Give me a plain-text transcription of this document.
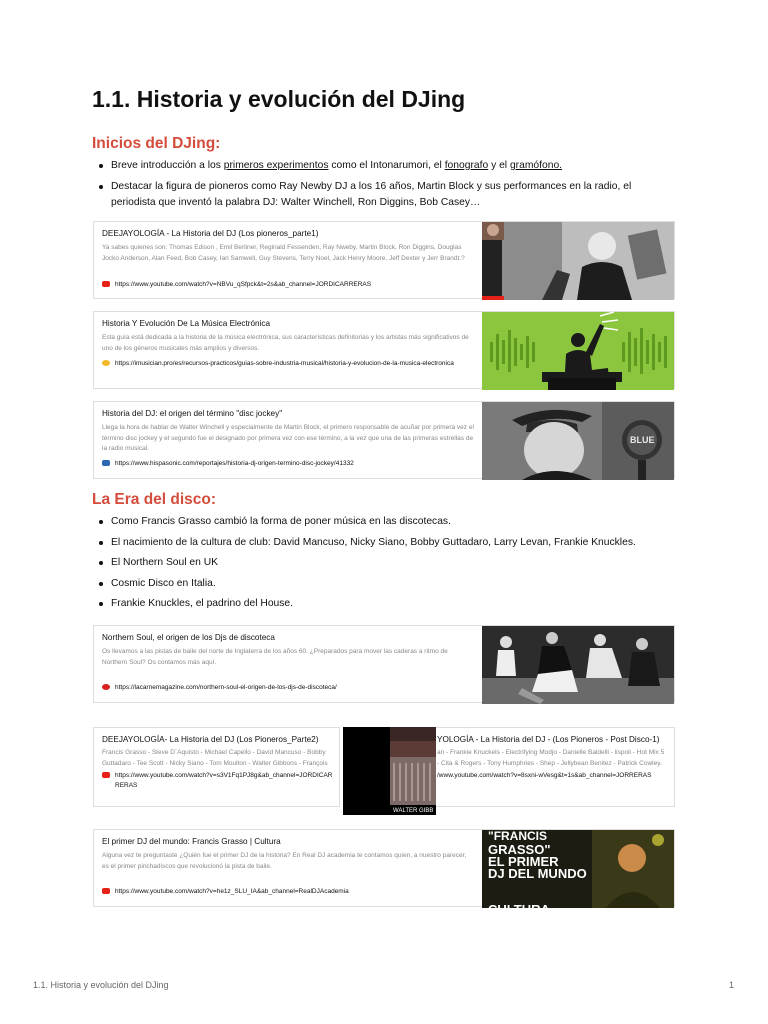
1.1. Historia y evolución del DJing
Inicios del DJing:
Breve introducción a los primeros experimentos como el Intonarumori, el fonografo y el gramófono.
Destacar la figura de pioneros como Ray Newby DJ a los 16 años, Martin Block y sus performances en la radio, el periodista que inventó la palabra DJ: Walter Winchell, Ron Diggins, Bob Casey…

DEEJAYOLOGÍA - La Historia del DJ (Los pioneros_parte1)

Ya sabes quienes son: Thomas Edison , Emil Berliner, Reginald Fessenden, Ray Nweby, Martin Block, Ron Diggins, Douglas Jocko Anderson, Alan Feed, Bob Casey, Ian Samwell, Guy Stevens, Terry Noel, Jack Henry Moore, Jeff Dexter y Jerr Brandt.?

https://www.youtube.com/watch?v=NBVu_qSfpck&t=2s&ab_channel=JORDICARRERAS

Historia Y Evolución De La Música Electrónica

Esta guía está dedicada a la historia de la música electrónica, sus características definitorias y los artistas más significativos de uno de los géneros musicales más amplios y diversos.

https://imusician.pro/es/recursos-practicos/guias-sobre-industria-musical/historia-y-evolucion-de-la-musica-electronica

Historia del DJ: el origen del término "disc jockey"

Llega la hora de hablar de Walter Winchell y especialmente de Martin Block, el primero responsable de acuñar por primera vez el término disc jockey y el segundo fue el designado por primera vez con ese término, a la vez que una de las primeras estrellas de la radio musical.

https://www.hispasonic.com/reportajes/historia-dj-origen-termino-disc-jockey/41332
BLUE
La Era del disco:
Como Francis Grasso cambió la forma de poner música en las discotecas.
El nacimiento de la cultura de club: David Mancuso, Nicky Siano, Bobby Guttadaro, Larry Levan, Frankie Knuckles.
El Northern Soul en UK
Cosmic Disco en Italia.
Frankie Knuckles, el padrino del House.

Northern Soul, el origen de los Djs de discoteca

Os llevamos a las pistas de baile del norte de Inglaterra de los años 60. ¿Preparados para mover las caderas a ritmo de Northern Soul? Os contamos más aquí.

https://lacarnemagazine.com/northern-soul-el-origen-de-los-djs-de-discoteca/

DEEJAYOLOGÍA- La Historia del DJ (Los Pioneros_Parte2)

Francis Grasso - Steve D´Aquisto - Michael Capello - David Mancuso - Bobby Guttadaro - Tee Scott - Nicky Siano - Tom Moulton - Walter Gibbons - François

https://www.youtube.com/watch?v=s3V1Fq1PJ8g&ab_channel=JORDICARRERAS

YOLOGÍA - La Historia del DJ - (Los Pioneros - Post Disco-1)

an - Frankie Knuckels - Electrifying Modjo - Danielle Baldelli - lispoli - Hot Mix 5 - Cita & Rogers - Tony Humphries - Shep - Jellybean Benitez - Patrick Cowley.

/www.youtube.com/watch?v=8sxni-wVesg&t=1s&ab_channel=JORRERAS
WALTER GIBB

El primer DJ del mundo: Francis Grasso | Cultura

Alguna vez te preguntaste ¿Quién fue el primer DJ de la historia? En Real DJ academia te contamos quien, a nuestro parecer, es el primer pinchadiscos que revolucionó la pista de baile.

https://www.youtube.com/watch?v=he1z_SLU_IA&ab_channel=RealDJAcademia
"FRANCIS
GRASSO"
EL PRIMER
DJ DEL MUNDO
CULTURA
1.1. Historia y evolución del DJing	1
